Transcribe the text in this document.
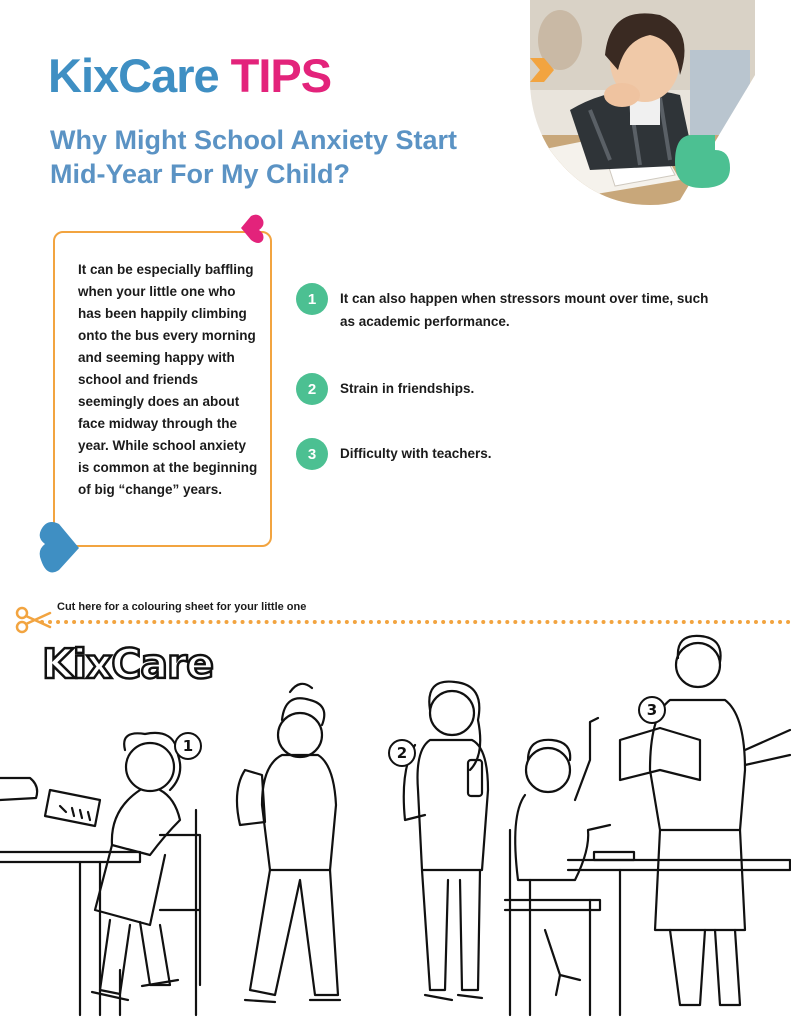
KixCare TIPS
Why Might School Anxiety Start Mid-Year For My Child?
It can be especially baffling when your little one who has been happily climbing onto the bus every morning and seeming happy with school and friends seemingly does an about face midway through the year. While school anxiety is common at the beginning of big “change” years.
1	It can also happen when stressors mount over time, such as academic performance.
2	Strain in friendships.
3	Difficulty with teachers.
Cut here for a colouring sheet for your little one
1	2
3
KixCare
